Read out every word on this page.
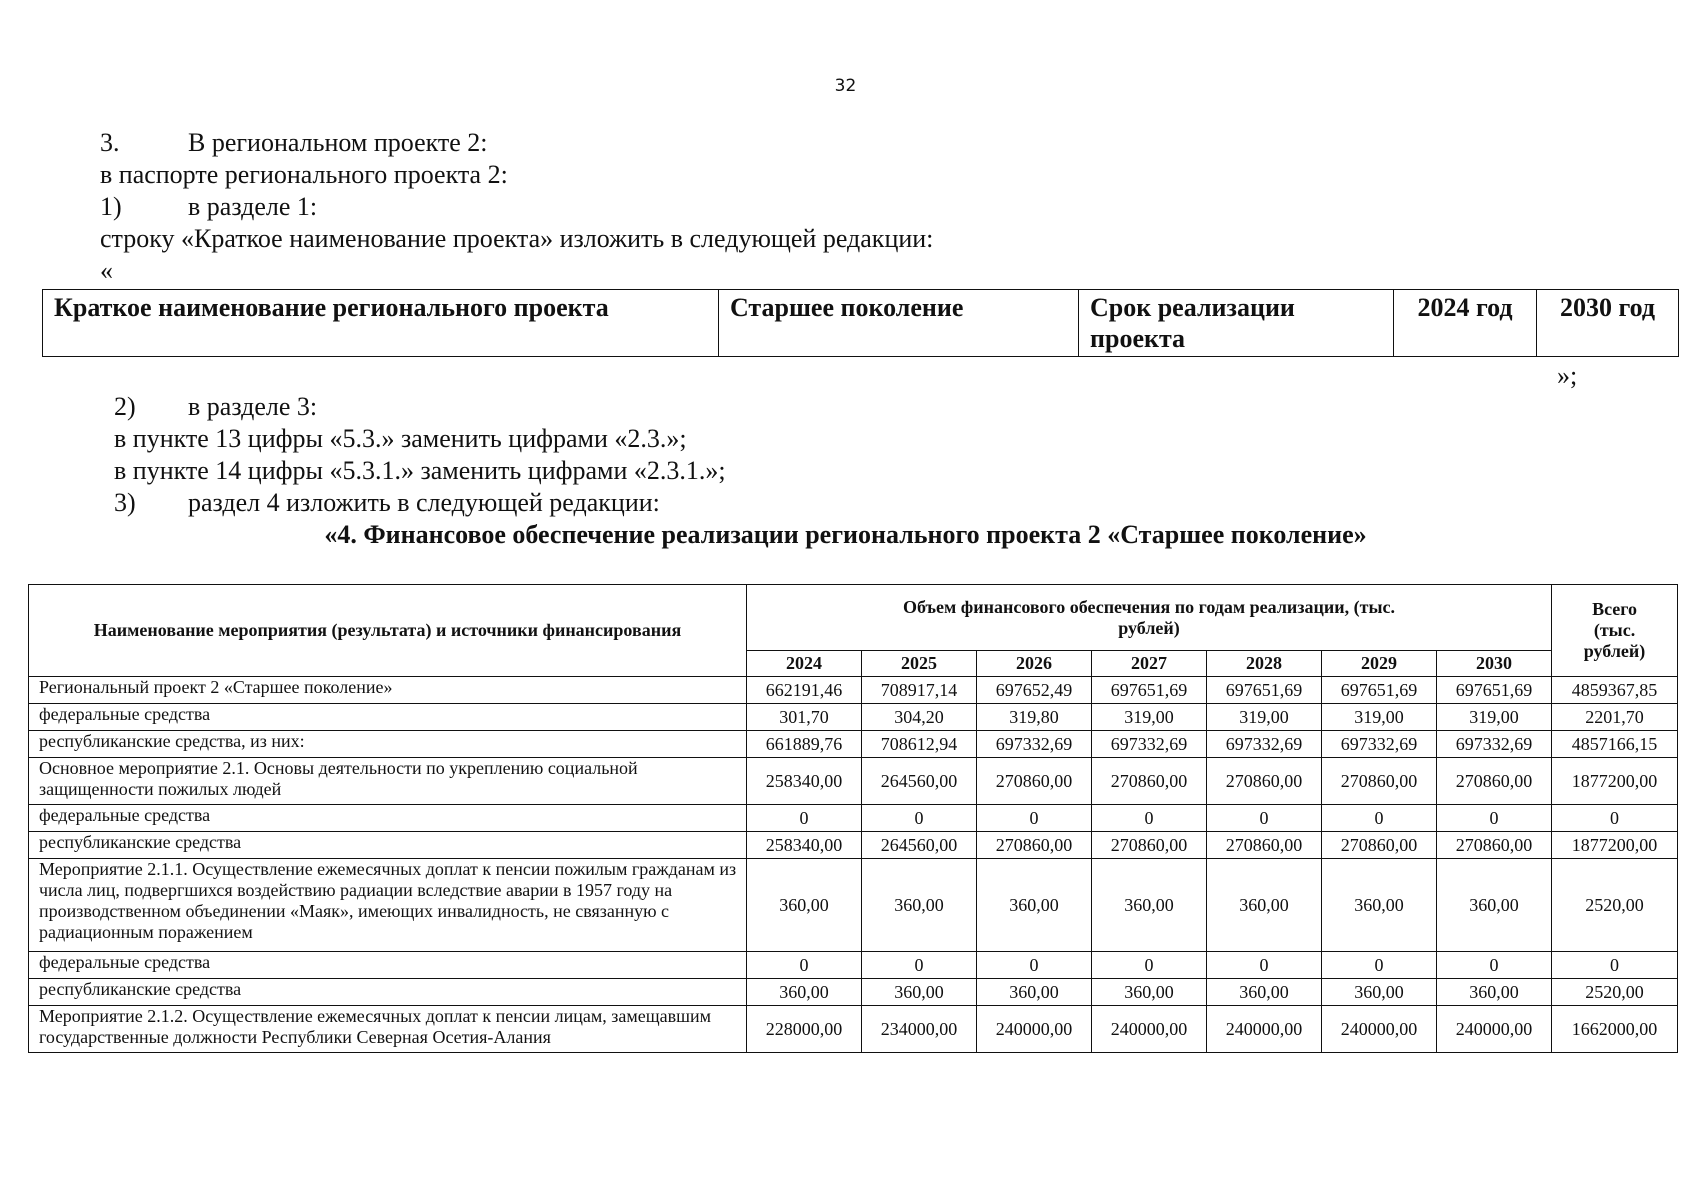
32
3.	В региональном проекте 2:
в паспорте регионального проекта 2:
1)	в разделе 1:
строку «Краткое наименование проекта» изложить в следующей редакции:
«
Краткое наименование регионального проекта	Старшее поколение	Срок реализации проекта	2024 год	2030 год
»;
2) в разделе 3:
в пункте 13 цифры «5.3.» заменить цифрами «2.3.»;
в пункте 14 цифры «5.3.1.» заменить цифрами «2.3.1.»;
3) раздел 4 изложить в следующей редакции:
«4. Финансовое обеспечение реализации регионального проекта 2 «Старшее поколение»
Наименование мероприятия (результата) и источники финансирования	Объем финансового обеспечения по годам реализации, (тыс. рублей)							Всего (тыс. рублей)
	2024	2025	2026	2027	2028	2029	2030	
Региональный проект 2 «Старшее поколение»	662191,46	708917,14	697652,49	697651,69	697651,69	697651,69	697651,69	4859367,85
федеральные средства	301,70	304,20	319,80	319,00	319,00	319,00	319,00	2201,70
республиканские средства, из них:	661889,76	708612,94	697332,69	697332,69	697332,69	697332,69	697332,69	4857166,15
Основное мероприятие 2.1. Основы деятельности по укреплению социальной защищенности пожилых людей	258340,00	264560,00	270860,00	270860,00	270860,00	270860,00	270860,00	1877200,00
федеральные средства	0	0	0	0	0	0	0	0
республиканские средства	258340,00	264560,00	270860,00	270860,00	270860,00	270860,00	270860,00	1877200,00
Мероприятие 2.1.1. Осуществление ежемесячных доплат к пенсии пожилым гражданам из числа лиц, подвергшихся воздействию радиации вследствие аварии в 1957 году на производственном объединении «Маяк», имеющих инвалидность, не связанную с радиационным поражением	360,00	360,00	360,00	360,00	360,00	360,00	360,00	2520,00
федеральные средства	0	0	0	0	0	0	0	0
республиканские средства	360,00	360,00	360,00	360,00	360,00	360,00	360,00	2520,00
Мероприятие 2.1.2. Осуществление ежемесячных доплат к пенсии лицам, замещавшим государственные должности Республики Северная Осетия-Алания	228000,00	234000,00	240000,00	240000,00	240000,00	240000,00	240000,00	1662000,00
